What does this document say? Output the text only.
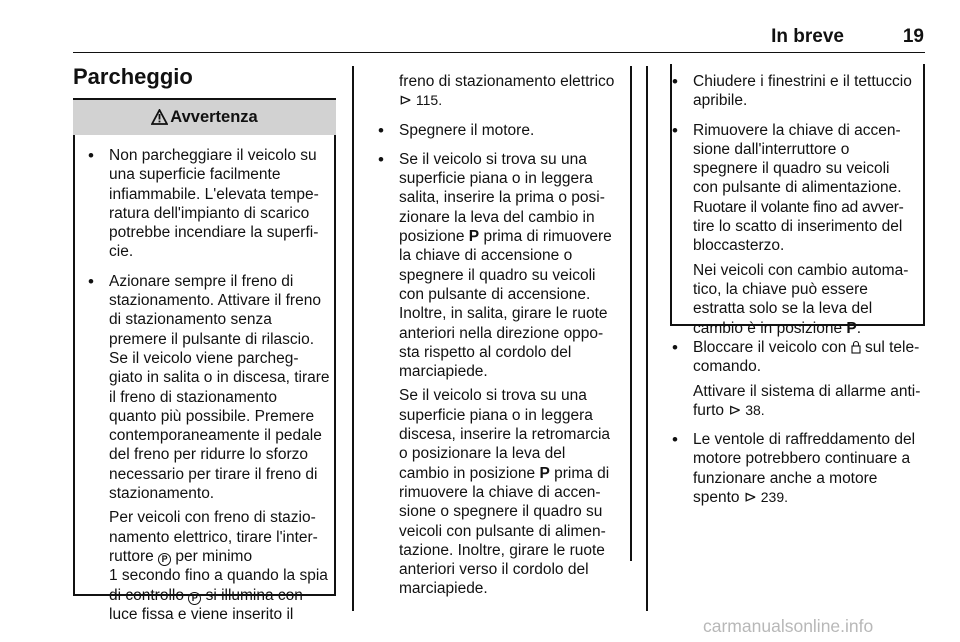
In breve	19
Parcheggio
Avvertenza

• Non parcheggiare il veicolo su
una superficie facilmente
infiammabile. L'elevata tempe-
ratura dell'impianto di scarico
potrebbe incendiare la superfi-
cie.

• Azionare sempre il freno di
stazionamento. Attivare il freno
di stazionamento senza
premere il pulsante di rilascio.
Se il veicolo viene parcheg-
giato in salita o in discesa, tirare
il freno di stazionamento
quanto più possibile. Premere
contemporaneamente il pedale
del freno per ridurre lo sforzo
necessario per tirare il freno di
stazionamento.

Per veicoli con freno di stazio-
namento elettrico, tirare l'inter-
ruttore P per minimo
1 secondo fino a quando la spia
di controllo P si illumina con
luce fissa e viene inserito il

freno di stazionamento elettrico
⊳ 115.

• Spegnere il motore.

• Se il veicolo si trova su una
superficie piana o in leggera
salita, inserire la prima o posi-
zionare la leva del cambio in
posizione P prima di rimuovere
la chiave di accensione o
spegnere il quadro su veicoli
con pulsante di accensione.
Inoltre, in salita, girare le ruote
anteriori nella direzione oppo-
sta rispetto al cordolo del
marciapiede.

Se il veicolo si trova su una
superficie piana o in leggera
discesa, inserire la retromarcia
o posizionare la leva del
cambio in posizione P prima di
rimuovere la chiave di accen-
sione o spegnere il quadro su
veicoli con pulsante di alimen-
tazione. Inoltre, girare le ruote
anteriori verso il cordolo del
marciapiede.

• Chiudere i finestrini e il tettuccio
apribile.

• Rimuovere la chiave di accen-
sione dall'interruttore o
spegnere il quadro su veicoli
con pulsante di alimentazione.
Ruotare il volante fino ad avver-
tire lo scatto di inserimento del
bloccasterzo.

Nei veicoli con cambio automa-
tico, la chiave può essere
estratta solo se la leva del
cambio è in posizione P.

• Bloccare il veicolo con  sul tele-
comando.

Attivare il sistema di allarme anti-
furto ⊳ 38.

• Le ventole di raffreddamento del
motore potrebbero continuare a
funzionare anche a motore
spento ⊳ 239.

carmanualsonline.info
